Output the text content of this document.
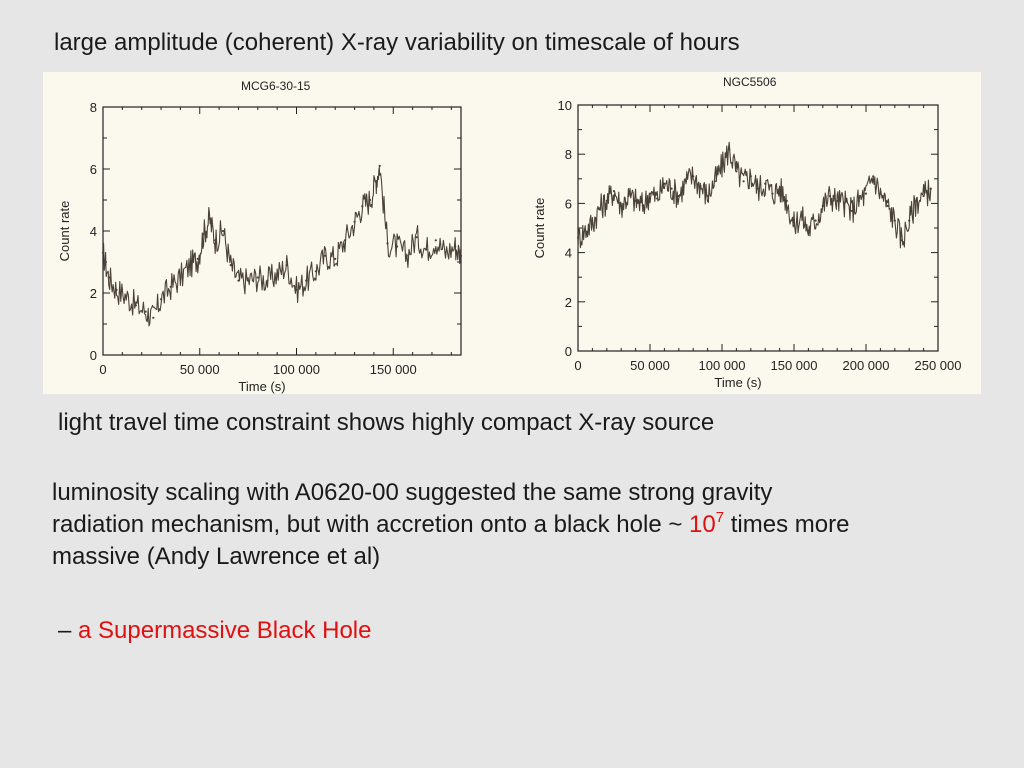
large amplitude (coherent) X-ray variability on timescale of hours

MCG6-30-15
0
2
4
6
8
0	50 000	100 000	150 000
Time (s)
Count rate
NGC5506
0
2
4
6
8
10
0	50 000 100 000 150 000 200 000 250 000
Time (s)
Count rate

light travel time constraint shows highly compact X-ray source

luminosity scaling with A0620-00 suggested the same strong gravity
radiation mechanism, but with accretion onto a black hole ~ $10^7$ times more
massive (Andy Lawrence et al)

– a Supermassive Black Hole
